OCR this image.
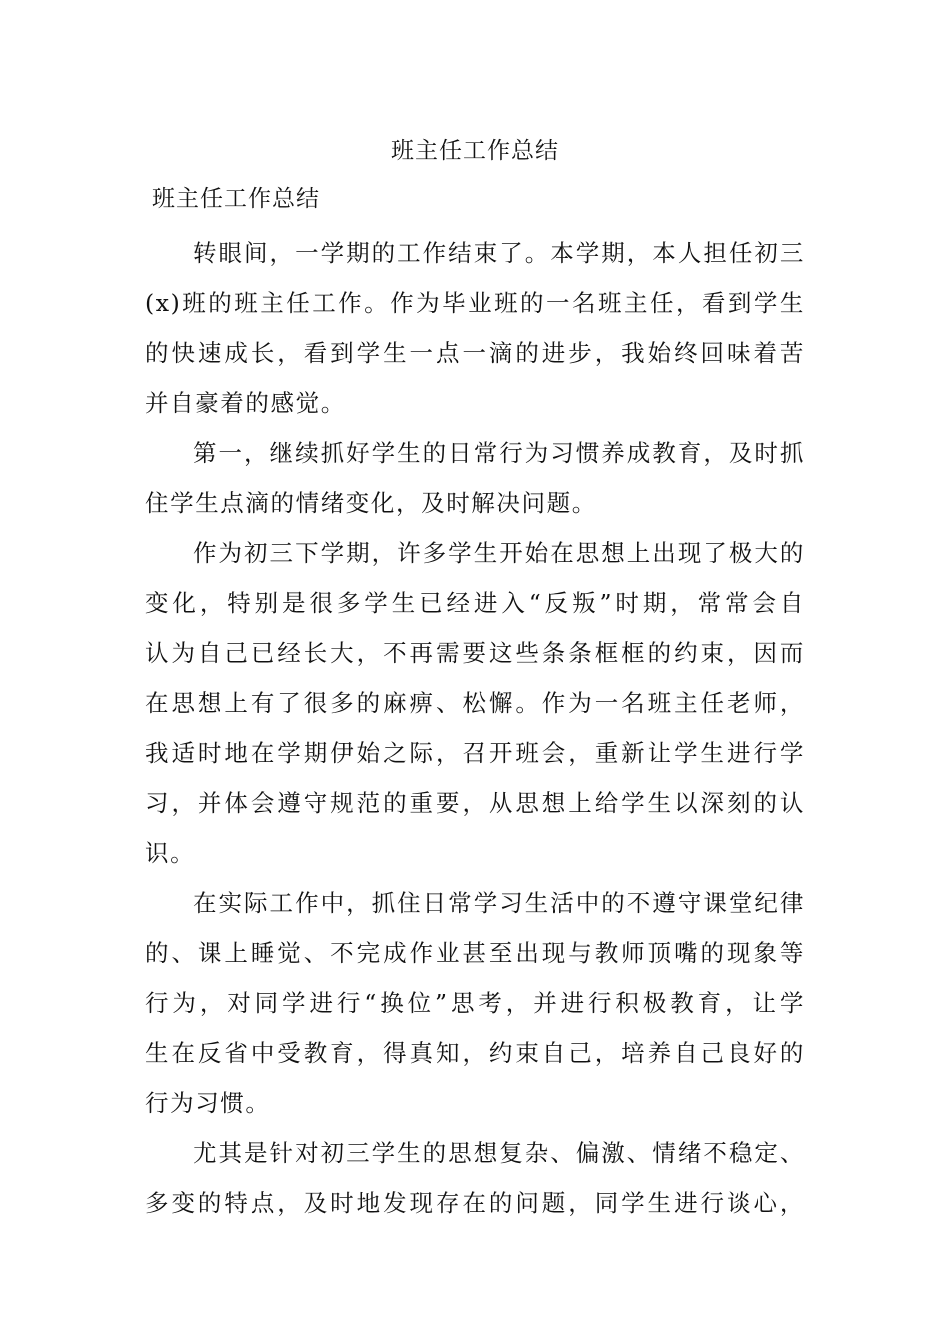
班主任工作总结
班主任工作总结
转眼间，一学期的工作结束了。本学期，本人担任初三
(x)班的班主任工作。作为毕业班的一名班主任，看到学生
的快速成长，看到学生一点一滴的进步，我始终回味着苦
并自豪着的感觉。
第一，继续抓好学生的日常行为习惯养成教育，及时抓
住学生点滴的情绪变化，及时解决问题。
作为初三下学期，许多学生开始在思想上出现了极大的
变化，特别是很多学生已经进入“反叛”时期，常常会自
认为自己已经长大，不再需要这些条条框框的约束，因而
在思想上有了很多的麻痹、松懈。作为一名班主任老师，
我适时地在学期伊始之际，召开班会，重新让学生进行学
习，并体会遵守规范的重要，从思想上给学生以深刻的认
识。
在实际工作中，抓住日常学习生活中的不遵守课堂纪律
的、课上睡觉、不完成作业甚至出现与教师顶嘴的现象等
行为，对同学进行“换位”思考，并进行积极教育，让学
生在反省中受教育，得真知，约束自己，培养自己良好的
行为习惯。
尤其是针对初三学生的思想复杂、偏激、情绪不稳定、
多变的特点，及时地发现存在的问题，同学生进行谈心，
